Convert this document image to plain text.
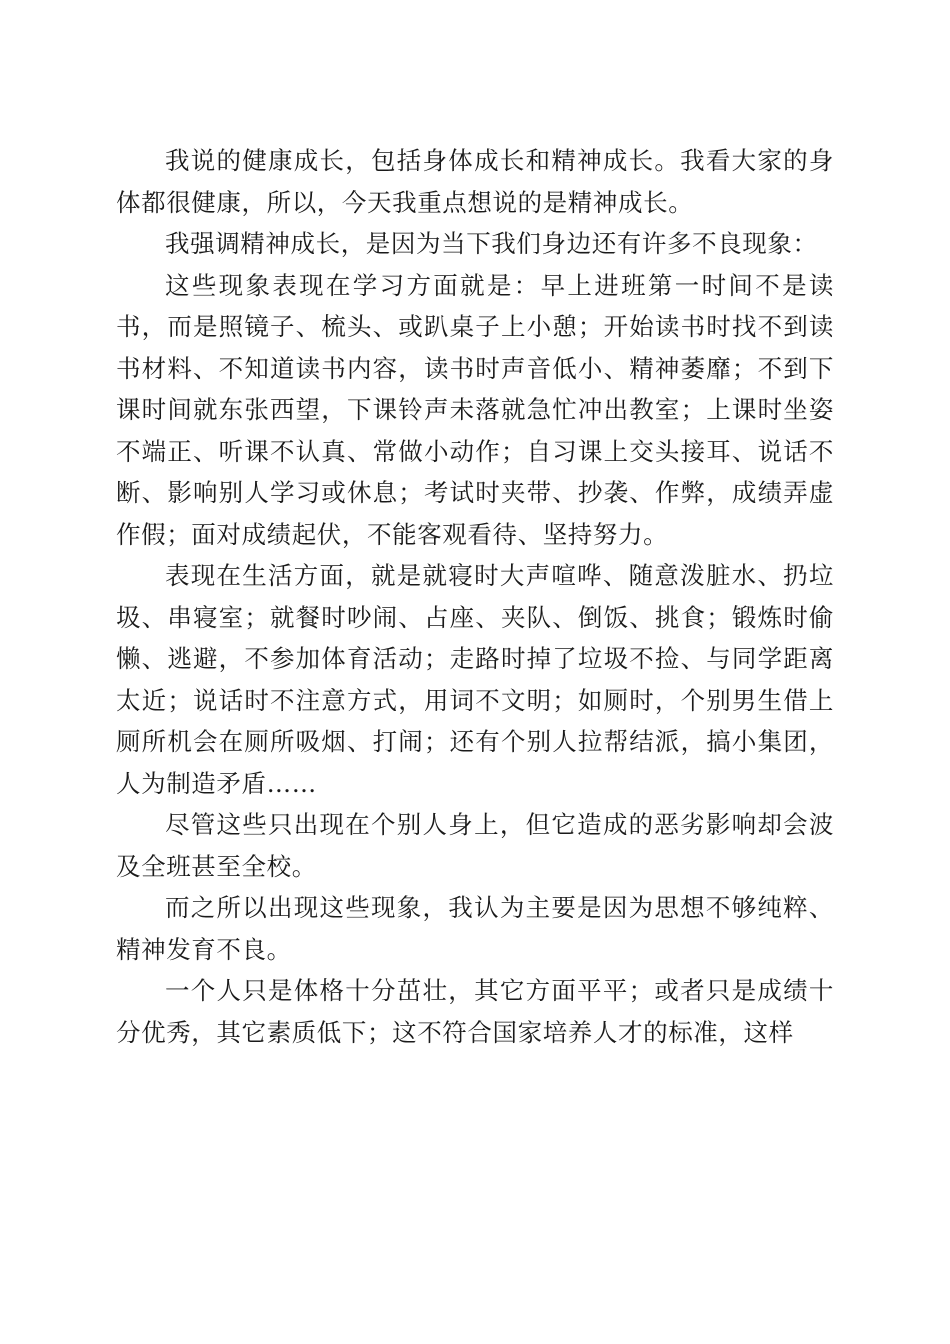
我说的健康成长，包括身体成长和精神成长。我看大家的身体都很健康，所以，今天我重点想说的是精神成长。

我强调精神成长，是因为当下我们身边还有许多不良现象：

这些现象表现在学习方面就是：早上进班第一时间不是读书，而是照镜子、梳头、或趴桌子上小憩；开始读书时找不到读书材料、不知道读书内容，读书时声音低小、精神萎靡；不到下课时间就东张西望，下课铃声未落就急忙冲出教室；上课时坐姿不端正、听课不认真、常做小动作；自习课上交头接耳、说话不断、影响别人学习或休息；考试时夹带、抄袭、作弊，成绩弄虚作假；面对成绩起伏，不能客观看待、坚持努力。

表现在生活方面，就是就寝时大声喧哗、随意泼脏水、扔垃圾、串寝室；就餐时吵闹、占座、夹队、倒饭、挑食；锻炼时偷懒、逃避，不参加体育活动；走路时掉了垃圾不捡、与同学距离太近；说话时不注意方式，用词不文明；如厕时，个别男生借上厕所机会在厕所吸烟、打闹；还有个别人拉帮结派，搞小集团，人为制造矛盾……

尽管这些只出现在个别人身上，但它造成的恶劣影响却会波及全班甚至全校。

而之所以出现这些现象，我认为主要是因为思想不够纯粹、精神发育不良。

一个人只是体格十分茁壮，其它方面平平；或者只是成绩十分优秀，其它素质低下；这不符合国家培养人才的标准，这样
